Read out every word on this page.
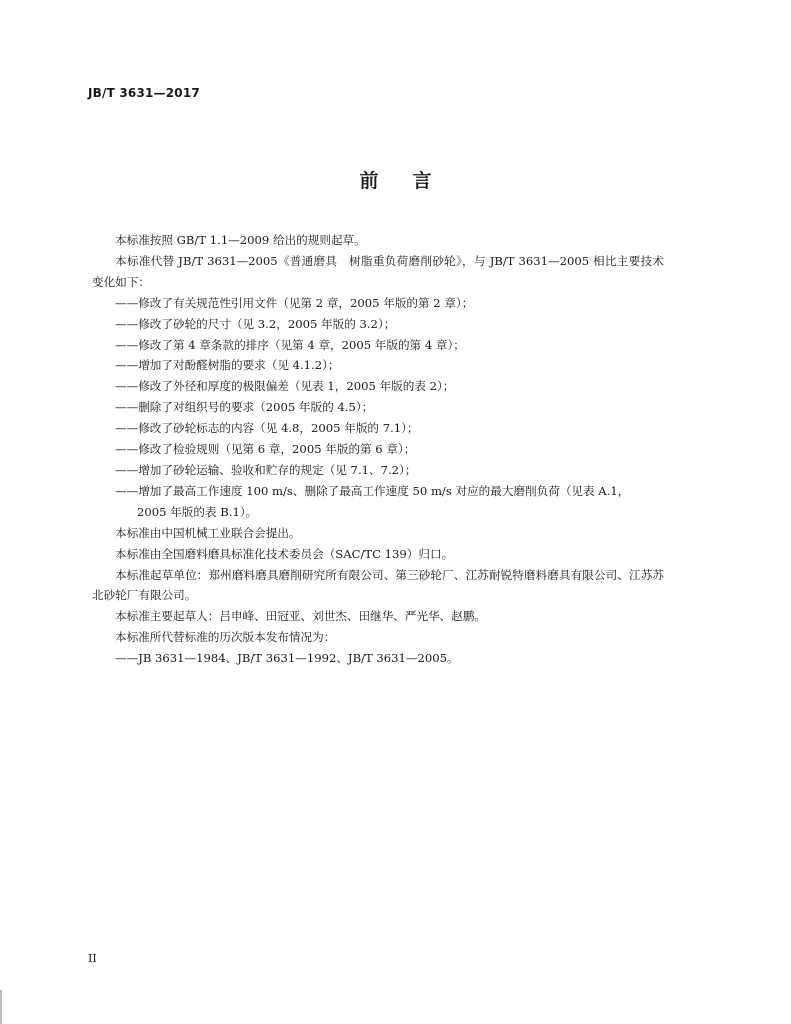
JB/T 3631—2017
前言

本标准按照 GB/T 1.1—2009 给出的规则起草。

本标准代替 JB/T 3631—2005《普通磨具　树脂重负荷磨削砂轮》，与 JB/T 3631—2005 相比主要技术变化如下：

——修改了有关规范性引用文件（见第 2 章，2005 年版的第 2 章）；

——修改了砂轮的尺寸（见 3.2，2005 年版的 3.2）；

——修改了第 4 章条款的排序（见第 4 章，2005 年版的第 4 章）；

——增加了对酚醛树脂的要求（见 4.1.2）；

——修改了外径和厚度的极限偏差（见表 1，2005 年版的表 2）；

——删除了对组织号的要求（2005 年版的 4.5）；

——修改了砂轮标志的内容（见 4.8，2005 年版的 7.1）；

——修改了检验规则（见第 6 章，2005 年版的第 6 章）；

——增加了砂轮运输、验收和贮存的规定（见 7.1、7.2）；

——增加了最高工作速度 100 m/s、删除了最高工作速度 50 m/s 对应的最大磨削负荷（见表 A.1，

2005 年版的表 B.1）。

本标准由中国机械工业联合会提出。

本标准由全国磨料磨具标准化技术委员会（SAC/TC 139）归口。

本标准起草单位：郑州磨料磨具磨削研究所有限公司、第三砂轮厂、江苏耐锐特磨料磨具有限公司、江苏苏北砂轮厂有限公司。

本标准主要起草人：吕申峰、田冠亚、刘世杰、田继华、严光华、赵鹏。

本标准所代替标准的历次版本发布情况为：

——JB 3631—1984、JB/T 3631—1992、JB/T 3631—2005。

II
